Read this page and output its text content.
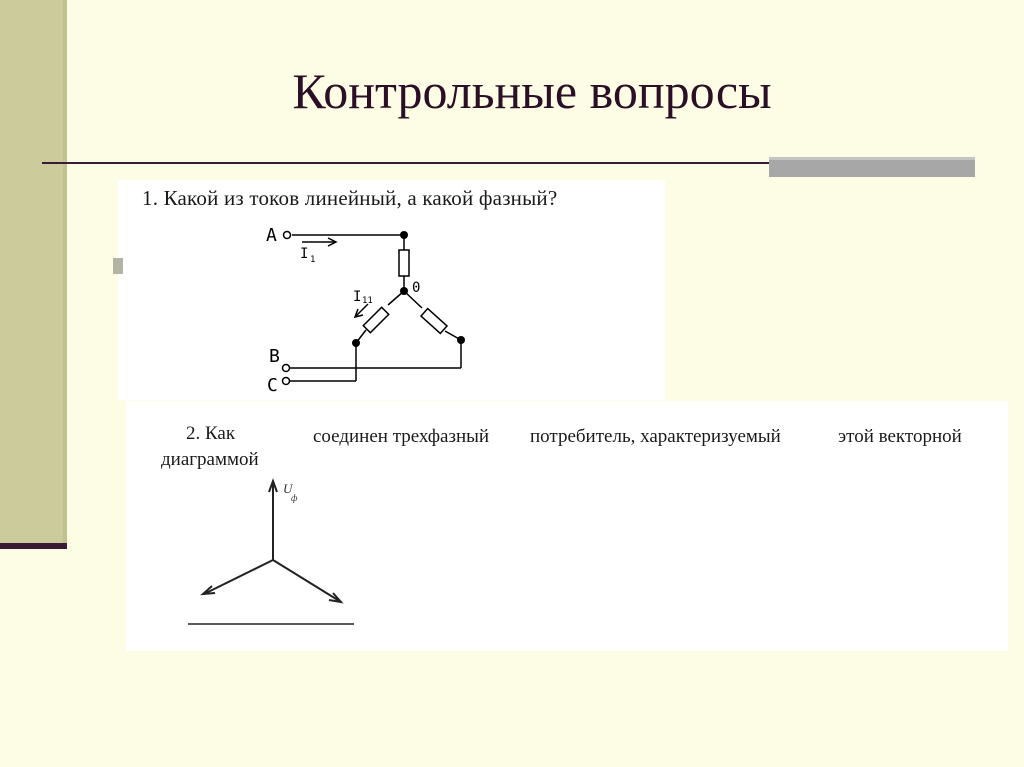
Контрольные вопросы
1. Какой из токов линейный, а какой фазный?
2. Как	соединен трехфазный потребитель, характеризуемый	этой векторной
диаграммой
A
B
C
0
I 1
I 11
U
ф
